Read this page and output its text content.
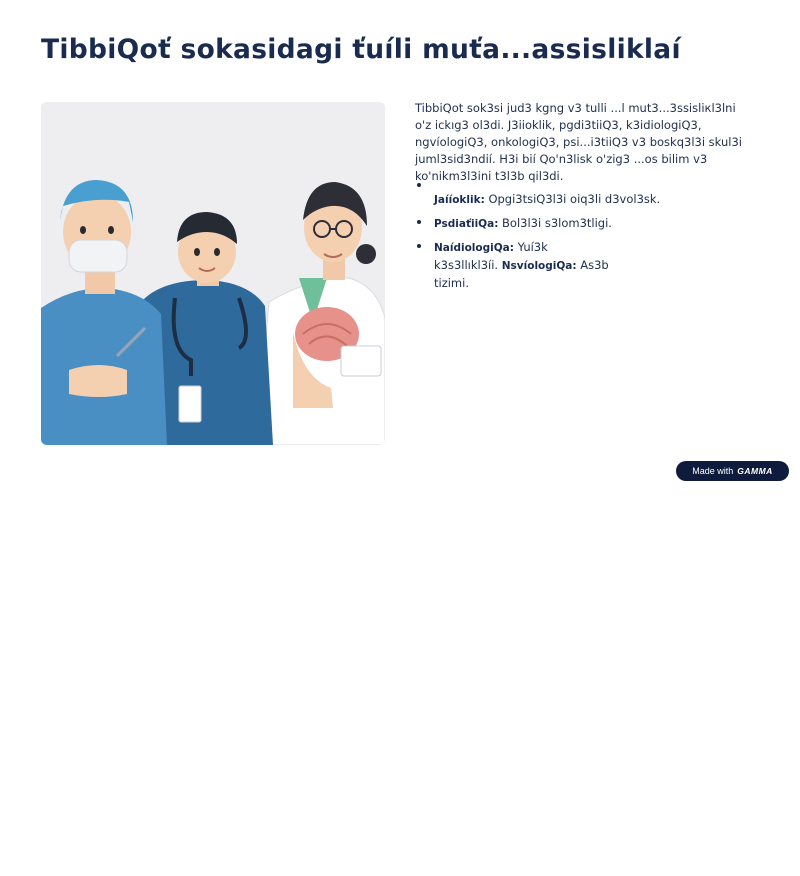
TibbiQoť sokasidagi ťuíli muťa...assisliklaí

TibbiQot sok3si jud3 kgng v3 tulli ...l mut3...3ssisliкl3lni o'z ickıg3 ol3di. J3iioklik, pgdi3tiiQ3, k3idiologiQ3, ngvíologiQ3, onkologiQ3, psi...i3tiiQ3 v3 boskq3l3i skul3i juml3sid3ndií. H3i bií Qo'n3lisk o'zig3 ...os bilim v3 ko'nikm3l3ini t3l3b qil3di.

Jaííoklik: Opgi3tsiQ3l3i oiq3li d3vol3sk.
PsdiaťiiQa: Bol3l3i s3lom3tligi.
NaídiologiQa: Yuí3k k3s3llıkl3íi. NsvíologiQa: As3b tizimi.
Made with GAMMA
